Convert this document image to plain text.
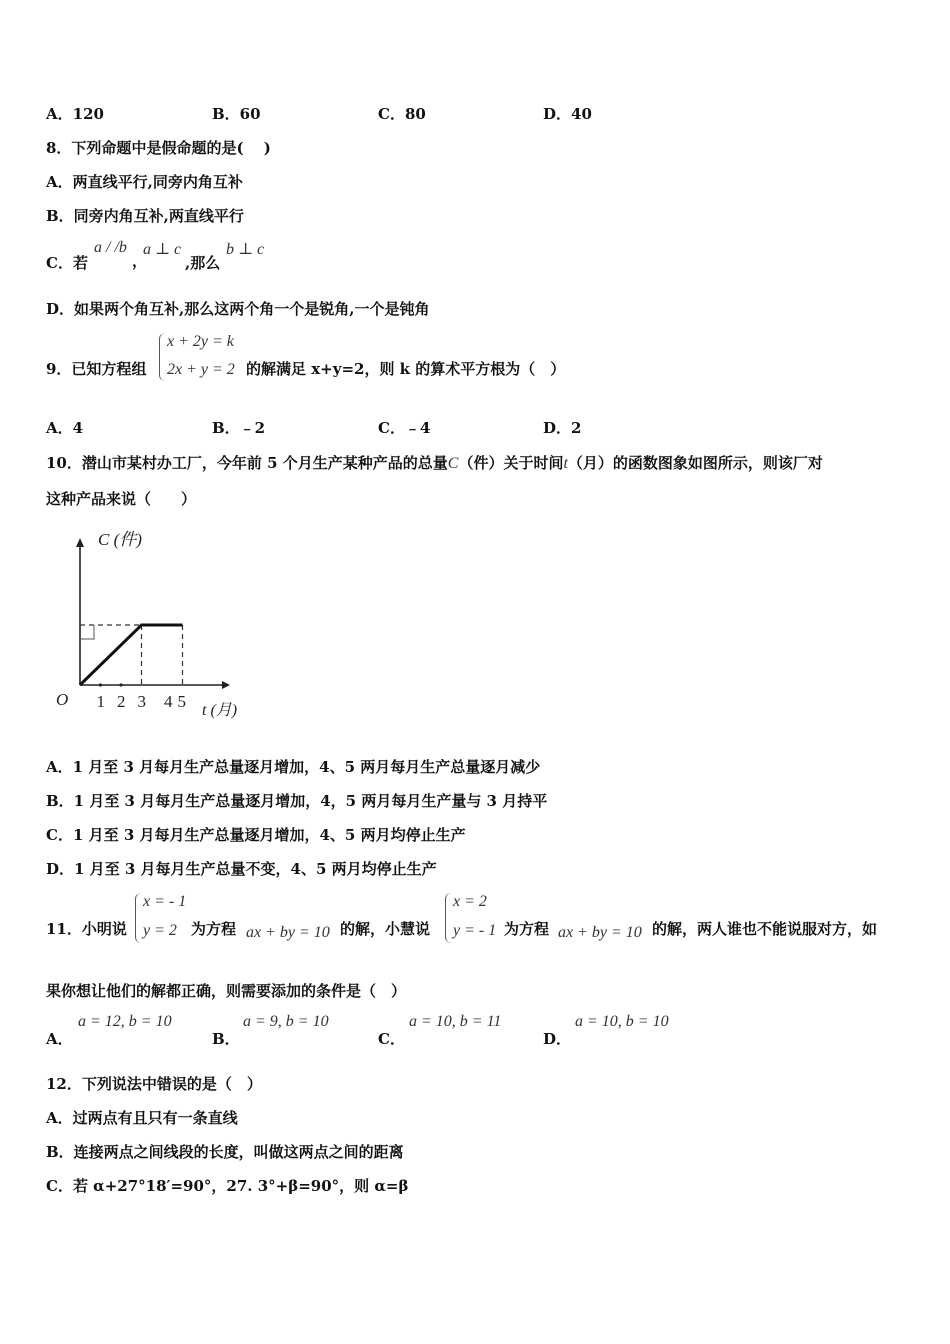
A．120	B．60	C．80	D．40
8．下列命题中是假命题的是(　 )
A．两直线平行,同旁内角互补
B．同旁内角互补,两直线平行
C．若
a / /b
，
a ⊥ c
,那么
b ⊥ c
D．如果两个角互补,那么这两个角一个是锐角,一个是钝角
9．已知方程组
x + 2y = k
2x + y = 2 的解满足 x+y=2，则 k 的算术平方根为（　）
A．4	B．﹣2	C．﹣4	D．2
10．潜山市某村办工厂，今年前 5 个月生产某种产品的总量C（件）关于时间t（月）的函数图象如图所示，则该厂对
这种产品来说（　　）
C (件)
t (月)
O 1 2 3 4 5
A．1 月至 3 月每月生产总量逐月增加，4、5 两月每月生产总量逐月减少
B．1 月至 3 月每月生产总量逐月增加，4，5 两月每月生产量与 3 月持平
C．1 月至 3 月每月生产总量逐月增加，4、5 两月均停止生产
D．1 月至 3 月每月生产总量不变，4、5 两月均停止生产
11．小明说
x = - 1
y = 2 为方程 ax + by = 10 的解，小慧说
x = 2
y = - 1 为方程 ax + by = 10 的解，两人谁也不能说服对方，如
果你想让他们的解都正确，则需要添加的条件是（　）
A．
a = 12, b = 10
B．
a = 9, b = 10
C．
a = 10, b = 11
D．
a = 10, b = 10
12．下列说法中错误的是（　）
A．过两点有且只有一条直线
B．连接两点之间线段的长度，叫做这两点之间的距离
C．若 α+27°18′=90°，27. 3°+β=90°，则 α=β
